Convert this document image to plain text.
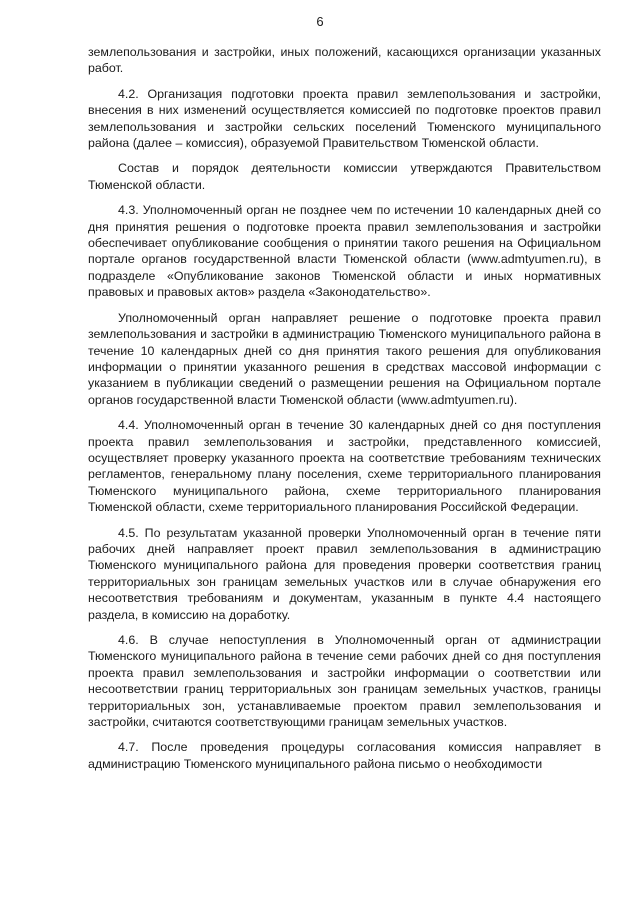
6

землепользования и застройки, иных положений, касающихся организации указанных работ.

4.2. Организация подготовки проекта правил землепользования и застройки, внесения в них изменений осуществляется комиссией по подготовке проектов правил землепользования и застройки сельских поселений Тюменского муниципального района (далее – комиссия), образуемой Правительством Тюменской области.

Состав и порядок деятельности комиссии утверждаются Правительством Тюменской области.

4.3. Уполномоченный орган не позднее чем по истечении 10 календарных дней со дня принятия решения о подготовке проекта правил землепользования и застройки обеспечивает опубликование сообщения о принятии такого решения на Официальном портале органов государственной власти Тюменской области (www.admtyumen.ru), в подразделе «Опубликование законов Тюменской области и иных нормативных правовых и правовых актов» раздела «Законодательство».

Уполномоченный орган направляет решение о подготовке проекта правил землепользования и застройки в администрацию Тюменского муниципального района в течение 10 календарных дней со дня принятия такого решения для опубликования информации о принятии указанного решения в средствах массовой информации с указанием в публикации сведений о размещении решения на Официальном портале органов государственной власти Тюменской области (www.admtyumen.ru).

4.4. Уполномоченный орган в течение 30 календарных дней со дня поступления проекта правил землепользования и застройки, представленного комиссией, осуществляет проверку указанного проекта на соответствие требованиям технических регламентов, генеральному плану поселения, схеме территориального планирования Тюменского муниципального района, схеме территориального планирования Тюменской области, схеме территориального планирования Российской Федерации.

4.5. По результатам указанной проверки Уполномоченный орган в течение пяти рабочих дней направляет проект правил землепользования в администрацию Тюменского муниципального района для проведения проверки соответствия границ территориальных зон границам земельных участков или в случае обнаружения его несоответствия требованиям и документам, указанным в пункте 4.4 настоящего раздела, в комиссию на доработку.

4.6. В случае непоступления в Уполномоченный орган от администрации Тюменского муниципального района в течение семи рабочих дней со дня поступления проекта правил землепользования и застройки информации о соответствии или несоответствии границ территориальных зон границам земельных участков, границы территориальных зон, устанавливаемые проектом правил землепользования и застройки, считаются соответствующими границам земельных участков.

4.7. После проведения процедуры согласования комиссия направляет в администрацию Тюменского муниципального района письмо о необходимости
